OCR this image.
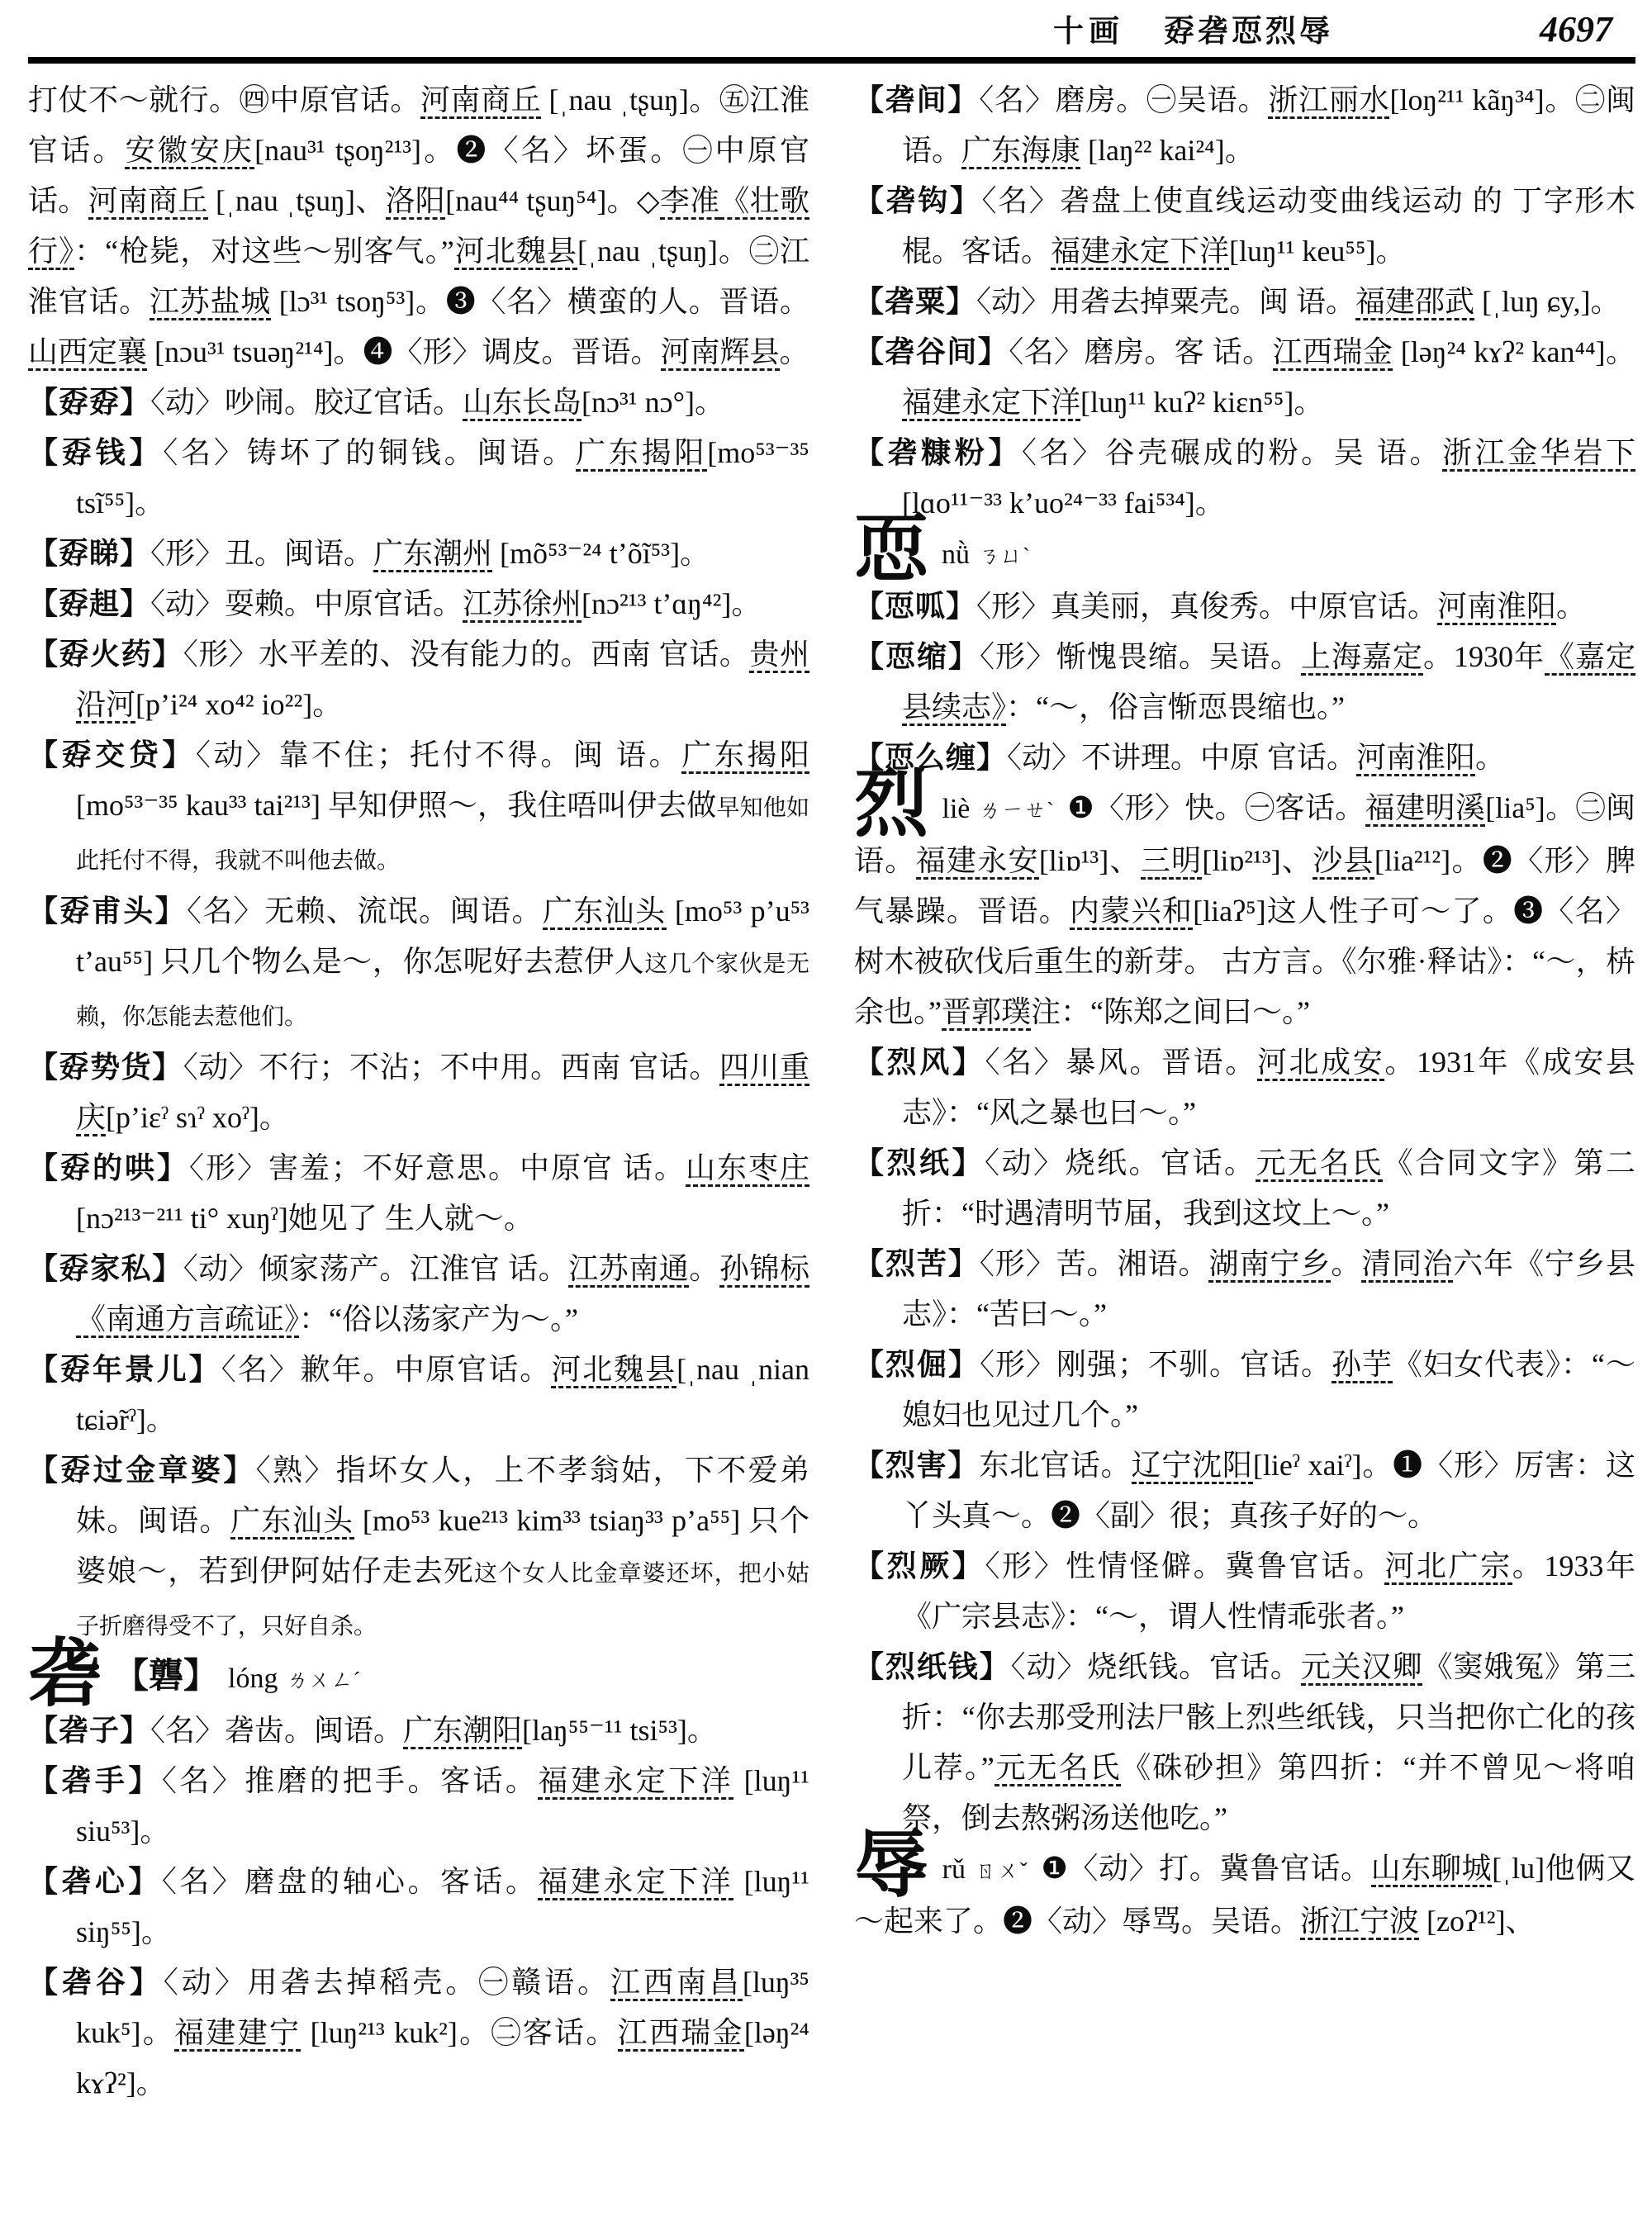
十画 孬砻恧烈辱	4697

打仗不～就行。㊃中原官话。河南商丘 [ˌnau ˌtʂuŋ]。㊄江淮官话。安徽安庆[nau³¹ tʂoŋ²¹³]。❷〈名〉坏蛋。㊀中原官话。河南商丘 [ˌnau ˌtʂuŋ]、洛阳[nau⁴⁴ tʂuŋ⁵⁴]。◇李准《壮歌行》：“枪毙，对这些～别客气。”河北魏县[ˌnau ˌtʂuŋ]。㊁江淮官话。江苏盐城 [lɔ³¹ tsoŋ⁵³]。❸〈名〉横蛮的人。晋语。山西定襄 [nɔu³¹ tsuəŋ²¹⁴]。❹〈形〉调皮。晋语。河南辉县。

【孬孬】〈动〉吵闹。胶辽官话。山东长岛[nɔ³¹ nɔ°]。

【孬钱】〈名〉铸坏了的铜钱。闽语。广东揭阳[mo⁵³⁻³⁵ tsĩ⁵⁵]。

【孬睇】〈形〉丑。闽语。广东潮州 [mõ⁵³⁻²⁴ t’õĩ⁵³]。

【孬趄】〈动〉耍赖。中原官话。江苏徐州[nɔ²¹³ t’ɑŋ⁴²]。

【孬火药】〈形〉水平差的、没有能力的。西南 官话。贵州沿河[p’i²⁴ xo⁴² io²²]。

【孬交贷】〈动〉靠不住；托付不得。闽 语。广东揭阳 [mo⁵³⁻³⁵ kau³³ tai²¹³] 早知伊照～，我住唔叫伊去做早知他如此托付不得，我就不叫他去做。

【孬甫头】〈名〉无赖、流氓。闽语。广东汕头 [mo⁵³ p’u⁵³ t’au⁵⁵] 只几个物么是～，你怎呢好去惹伊人这几个家伙是无赖，你怎能去惹他们。

【孬势货】〈动〉不行；不沾；不中用。西南 官话。四川重庆[p’iɛˀ sɿˀ xoˀ]。

【孬的哄】〈形〉害羞；不好意思。中原官 话。山东枣庄[nɔ²¹³⁻²¹¹ ti° xuŋˀ]她见了 生人就～。

【孬家私】〈动〉倾家荡产。江淮官 话。江苏南通。孙锦标《南通方言疏证》：“俗以荡家产为～。”

【孬年景儿】〈名〉歉年。中原官话。河北魏县[ˌnau ˌnian tɕiə̃rˀ]。

【孬过金章婆】〈熟〉指坏女人，上不孝翁姑，下不爱弟妹。闽语。广东汕头 [mo⁵³ kue²¹³ kim³³ tsiaŋ³³ p’a⁵⁵] 只个婆娘～，若到伊阿姑仔走去死这个女人比金章婆还坏，把小姑子折磨得受不了，只好自杀。

砻 【礱】 lóng ㄌㄨㄥˊ

【砻子】〈名〉砻齿。闽语。广东潮阳[laŋ⁵⁵⁻¹¹ tsi⁵³]。

【砻手】〈名〉推磨的把手。客话。福建永定下洋 [luŋ¹¹ siu⁵³]。

【砻心】〈名〉磨盘的轴心。客话。福建永定下洋 [luŋ¹¹ siŋ⁵⁵]。

【砻谷】〈动〉用砻去掉稻壳。㊀赣语。江西南昌[luŋ³⁵ kuk⁵]。福建建宁 [luŋ²¹³ kuk²]。㊁客话。江西瑞金[ləŋ²⁴ kɤʔ²]。

【砻间】〈名〉磨房。㊀吴语。浙江丽水[loŋ²¹¹ kãŋ³⁴]。㊁闽语。广东海康 [laŋ²² kai²⁴]。

【砻钩】〈名〉砻盘上使直线运动变曲线运动 的 丁字形木棍。客话。福建永定下洋[luŋ¹¹ keu⁵⁵]。

【砻粟】〈动〉用砻去掉粟壳。闽 语。福建邵武 [ˌluŋ ɕy,]。

【砻谷间】〈名〉磨房。客 话。江西瑞金 [ləŋ²⁴ kɤʔ² kan⁴⁴]。福建永定下洋[luŋ¹¹ kuʔ² kiɛn⁵⁵]。

【砻糠粉】〈名〉谷壳碾成的粉。吴 语。浙江金华岩下 [lɑo¹¹⁻³³ k’uo²⁴⁻³³ fai⁵³⁴]。

恧nǜ ㄋㄩˋ

【恧呱】〈形〉真美丽，真俊秀。中原官话。河南淮阳。

【恧缩】〈形〉惭愧畏缩。吴语。上海嘉定。1930年《嘉定县续志》：“～，俗言惭恧畏缩也。”

【恧么缠】〈动〉不讲理。中原 官话。河南淮阳。

烈liè ㄌㄧㄝˋ ❶〈形〉快。㊀客话。福建明溪[lia⁵]。㊁闽语。福建永安[liɒ¹³]、三明[liɒ²¹³]、沙县[lia²¹²]。❷〈形〉脾气暴躁。晋语。内蒙兴和[liaʔ⁵]这人性子可～了。❸〈名〉树木被砍伐后重生的新芽。 古方言。《尔雅·释诂》：“～，枿余也。”晋郭璞注：“陈郑之间曰～。”

【烈风】〈名〉暴风。晋语。河北成安。1931年《成安县志》：“风之暴也曰～。”

【烈纸】〈动〉烧纸。官话。元无名氏《合同文字》第二折：“时遇清明节届，我到这坟上～。”

【烈苦】〈形〉苦。湘语。湖南宁乡。清同治六年《宁乡县志》：“苦曰～。”

【烈倔】〈形〉刚强；不驯。官话。孙芋《妇女代表》：“～媳妇也见过几个。”

【烈害】东北官话。辽宁沈阳[lieˀ xaiˀ]。❶〈形〉厉害：这丫头真～。❷〈副〉很；真孩子好的～。

【烈厥】〈形〉性情怪僻。冀鲁官话。河北广宗。1933年《广宗县志》：“～，谓人性情乖张者。”

【烈纸钱】〈动〉烧纸钱。官话。元关汉卿《窦娥冤》第三折：“你去那受刑法尸骸上烈些纸钱，只当把你亡化的孩儿荐。”元无名氏《硃砂担》第四折：“并不曾见～将咱祭，倒去熬粥汤送他吃。”

辱rǔ ㄖㄨˇ ❶〈动〉打。冀鲁官话。山东聊城[ˌlu]他俩又～起来了。❷〈动〉辱骂。吴语。浙江宁波 [zoʔ¹²]、
